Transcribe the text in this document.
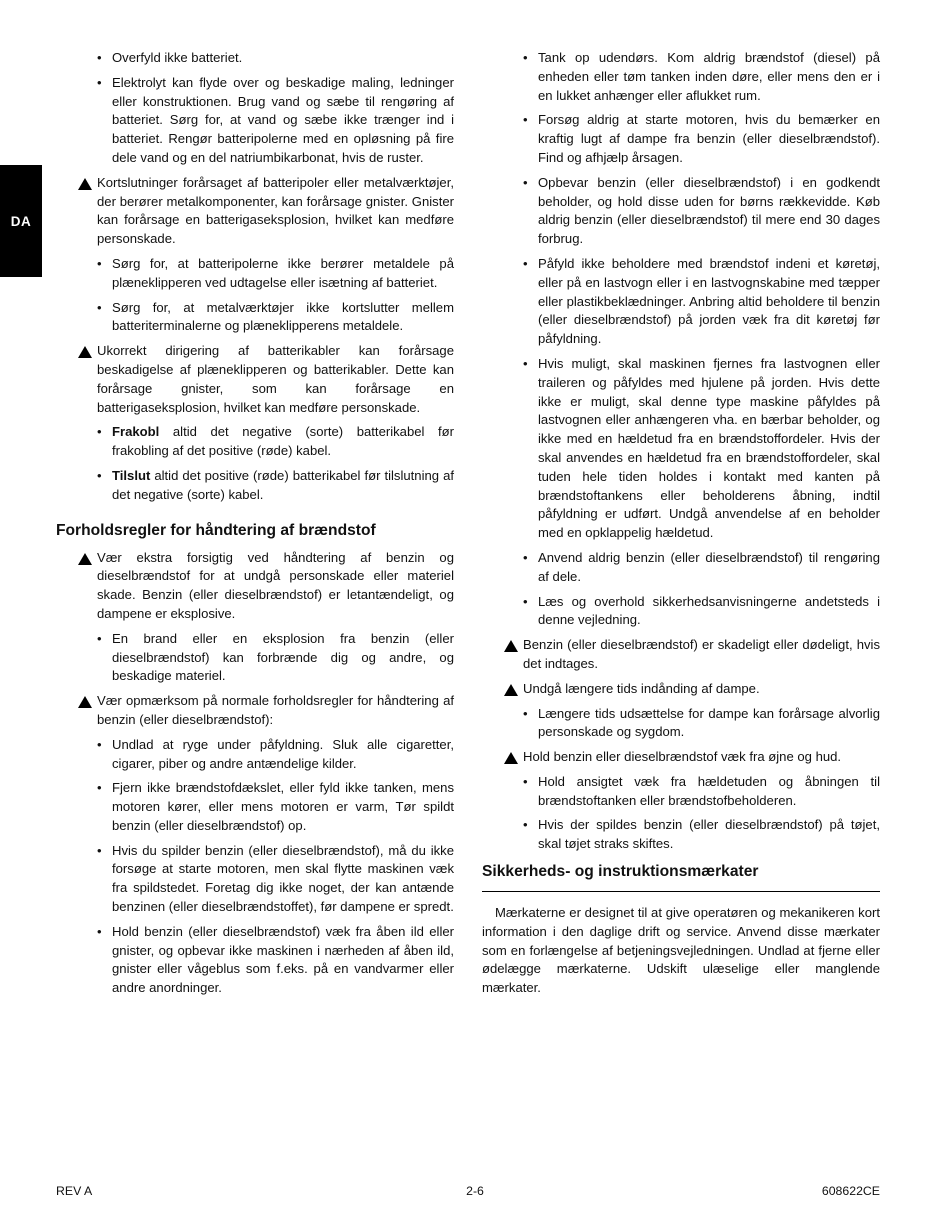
DA
• Overfyld ikke batteriet.
• Elektrolyt kan flyde over og beskadige maling, ledninger eller konstruktionen. Brug vand og sæbe til rengøring af batteriet. Sørg for, at vand og sæbe ikke trænger ind i batteriet. Rengør batteripolerne med en opløsning på fire dele vand og en del natriumbikarbonat, hvis de ruster.
Kortslutninger forårsaget af batteripoler eller metalværktøjer, der berører metalkomponenter, kan forårsage gnister. Gnister kan forårsage en batterigaseksplosion, hvilket kan medføre personskade.
• Sørg for, at batteripolerne ikke berører metaldele på plæneklipperen ved udtagelse eller isætning af batteriet.
• Sørg for, at metalværktøjer ikke kortslutter mellem batteriterminalerne og plæneklipperens metaldele.
Ukorrekt dirigering af batterikabler kan forårsage beskadigelse af plæneklipperen og batterikabler. Dette kan forårsage gnister, som kan forårsage en batterigaseksplosion, hvilket kan medføre personskade.
• Frakobl altid det negative (sorte) batterikabel før frakobling af det positive (røde) kabel.
• Tilslut altid det positive (røde) batterikabel før tilslutning af det negative (sorte) kabel.
Forholdsregler for håndtering af brændstof
Vær ekstra forsigtig ved håndtering af benzin og dieselbrændstof for at undgå personskade eller materiel skade. Benzin (eller dieselbrændstof) er letantændeligt, og dampene er eksplosive.
• En brand eller en eksplosion fra benzin (eller dieselbrændstof) kan forbrænde dig og andre, og beskadige materiel.
Vær opmærksom på normale forholdsregler for håndtering af benzin (eller dieselbrændstof):
• Undlad at ryge under påfyldning. Sluk alle cigaretter, cigarer, piber og andre antændelige kilder.
• Fjern ikke brændstofdækslet, eller fyld ikke tanken, mens motoren kører, eller mens motoren er varm, Tør spildt benzin (eller dieselbrændstof) op.
• Hvis du spilder benzin (eller dieselbrændstof), må du ikke forsøge at starte motoren, men skal flytte maskinen væk fra spildstedet. Foretag dig ikke noget, der kan antænde benzinen (eller dieselbrændstoffet), før dampene er spredt.
• Hold benzin (eller dieselbrændstof) væk fra åben ild eller gnister, og opbevar ikke maskinen i nærheden af åben ild, gnister eller vågeblus som f.eks. på en vandvarmer eller andre anordninger.
• Tank op udendørs. Kom aldrig brændstof (diesel) på enheden eller tøm tanken inden døre, eller mens den er i en lukket anhænger eller aflukket rum.
• Forsøg aldrig at starte motoren, hvis du bemærker en kraftig lugt af dampe fra benzin (eller dieselbrændstof). Find og afhjælp årsagen.
• Opbevar benzin (eller dieselbrændstof) i en godkendt beholder, og hold disse uden for børns rækkevidde. Køb aldrig benzin (eller dieselbrændstof) til mere end 30 dages forbrug.
• Påfyld ikke beholdere med brændstof indeni et køretøj, eller på en lastvogn eller i en lastvognskabine med tæpper eller plastikbeklædninger. Anbring altid beholdere til benzin (eller dieselbrændstof) på jorden væk fra dit køretøj før påfyldning.
• Hvis muligt, skal maskinen fjernes fra lastvognen eller traileren og påfyldes med hjulene på jorden. Hvis dette ikke er muligt, skal denne type maskine påfyldes på lastvognen eller anhængeren vha. en bærbar beholder, og ikke med en hældetud fra en brændstoffordeler. Hvis der skal anvendes en hældetud fra en brændstoffordeler, skal tuden hele tiden holdes i kontakt med kanten på brændstoftankens eller beholderens åbning, indtil påfyldning er udført. Undgå anvendelse af en beholder med en opklappelig hældetud.
• Anvend aldrig benzin (eller dieselbrændstof) til rengøring af dele.
• Læs og overhold sikkerhedsanvisningerne andetsteds i denne vejledning.
Benzin (eller dieselbrændstof) er skadeligt eller dødeligt, hvis det indtages.
Undgå længere tids indånding af dampe.
• Længere tids udsættelse for dampe kan forårsage alvorlig personskade og sygdom.
Hold benzin eller dieselbrændstof væk fra øjne og hud.
• Hold ansigtet væk fra hældetuden og åbningen til brændstoftanken eller brændstofbeholderen.
• Hvis der spildes benzin (eller dieselbrændstof) på tøjet, skal tøjet straks skiftes.
Sikkerheds- og instruktionsmærkater

Mærkaterne er designet til at give operatøren og mekanikeren kort information i den daglige drift og service. Anvend disse mærkater som en forlængelse af betjeningsvejledningen. Undlad at fjerne eller ødelægge mærkaterne. Udskift ulæselige eller manglende mærkater.

REV A	2-6	608622CE
